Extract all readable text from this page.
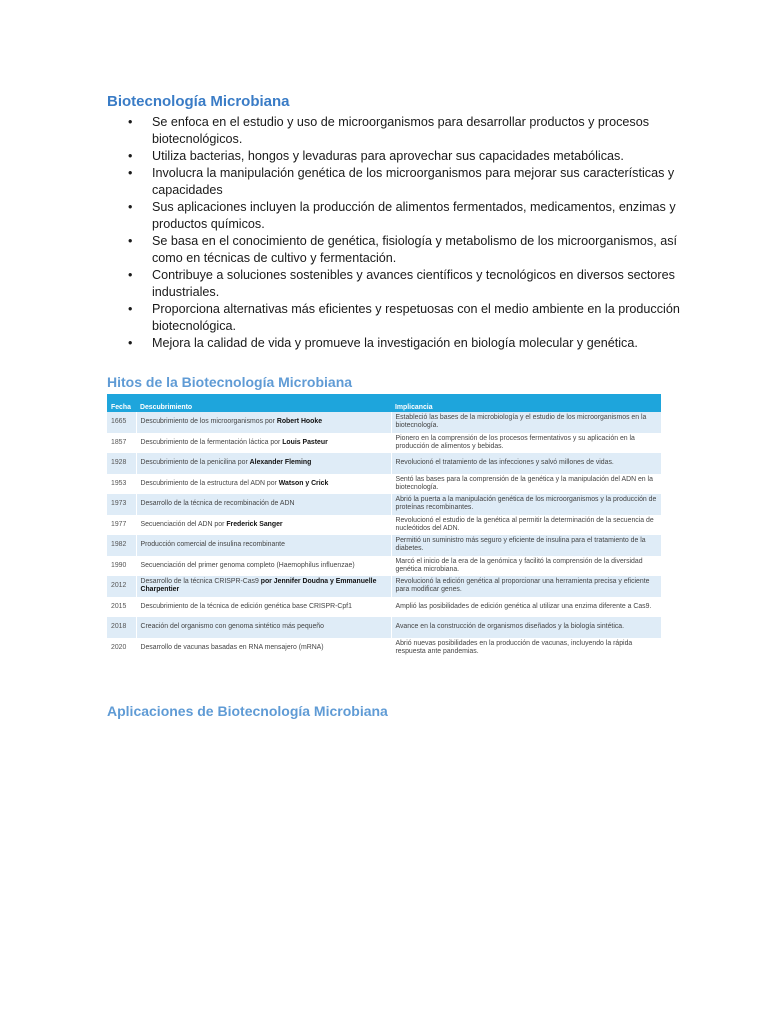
Biotecnología Microbiana
• Se enfoca en el estudio y uso de microorganismos para desarrollar productos y procesos biotecnológicos.
• Utiliza bacterias, hongos y levaduras para aprovechar sus capacidades metabólicas.
• Involucra la manipulación genética de los microorganismos para mejorar sus características y capacidades
• Sus aplicaciones incluyen la producción de alimentos fermentados, medicamentos, enzimas y productos químicos.
• Se basa en el conocimiento de genética, fisiología y metabolismo de los microorganismos, así como en técnicas de cultivo y fermentación.
• Contribuye a soluciones sostenibles y avances científicos y tecnológicos en diversos sectores industriales.
• Proporciona alternativas más eficientes y respetuosas con el medio ambiente en la producción biotecnológica.
• Mejora la calidad de vida y promueve la investigación en biología molecular y genética.
Hitos de la Biotecnología Microbiana
Fecha	Descubrimiento	Implicancia
1665	Descubrimiento de los microorganismos por Robert Hooke	Estableció las bases de la microbiología y el estudio de los microorganismos en la biotecnología.
1857	Descubrimiento de la fermentación láctica por Louis Pasteur	Pionero en la comprensión de los procesos fermentativos y su aplicación en la producción de alimentos y bebidas.
1928	Descubrimiento de la penicilina por Alexander Fleming	Revolucionó el tratamiento de las infecciones y salvó millones de vidas.
1953	Descubrimiento de la estructura del ADN por Watson y Crick	Sentó las bases para la comprensión de la genética y la manipulación del ADN en la biotecnología.
1973	Desarrollo de la técnica de recombinación de ADN	Abrió la puerta a la manipulación genética de los microorganismos y la producción de proteínas recombinantes.
1977	Secuenciación del ADN por Frederick Sanger	Revolucionó el estudio de la genética al permitir la determinación de la secuencia de nucleótidos del ADN.
1982	Producción comercial de insulina recombinante	Permitió un suministro más seguro y eficiente de insulina para el tratamiento de la diabetes.
1990	Secuenciación del primer genoma completo (Haemophilus influenzae)	Marcó el inicio de la era de la genómica y facilitó la comprensión de la diversidad genética microbiana.
2012	Desarrollo de la técnica CRISPR-Cas9 por Jennifer Doudna y Emmanuelle Charpentier	Revolucionó la edición genética al proporcionar una herramienta precisa y eficiente para modificar genes.
2015	Descubrimiento de la técnica de edición genética base CRISPR-Cpf1	Amplió las posibilidades de edición genética al utilizar una enzima diferente a Cas9.
2018	Creación del organismo con genoma sintético más pequeño	Avance en la construcción de organismos diseñados y la biología sintética.
2020	Desarrollo de vacunas basadas en RNA mensajero (mRNA)	Abrió nuevas posibilidades en la producción de vacunas, incluyendo la rápida respuesta ante pandemias.
Aplicaciones de Biotecnología Microbiana
